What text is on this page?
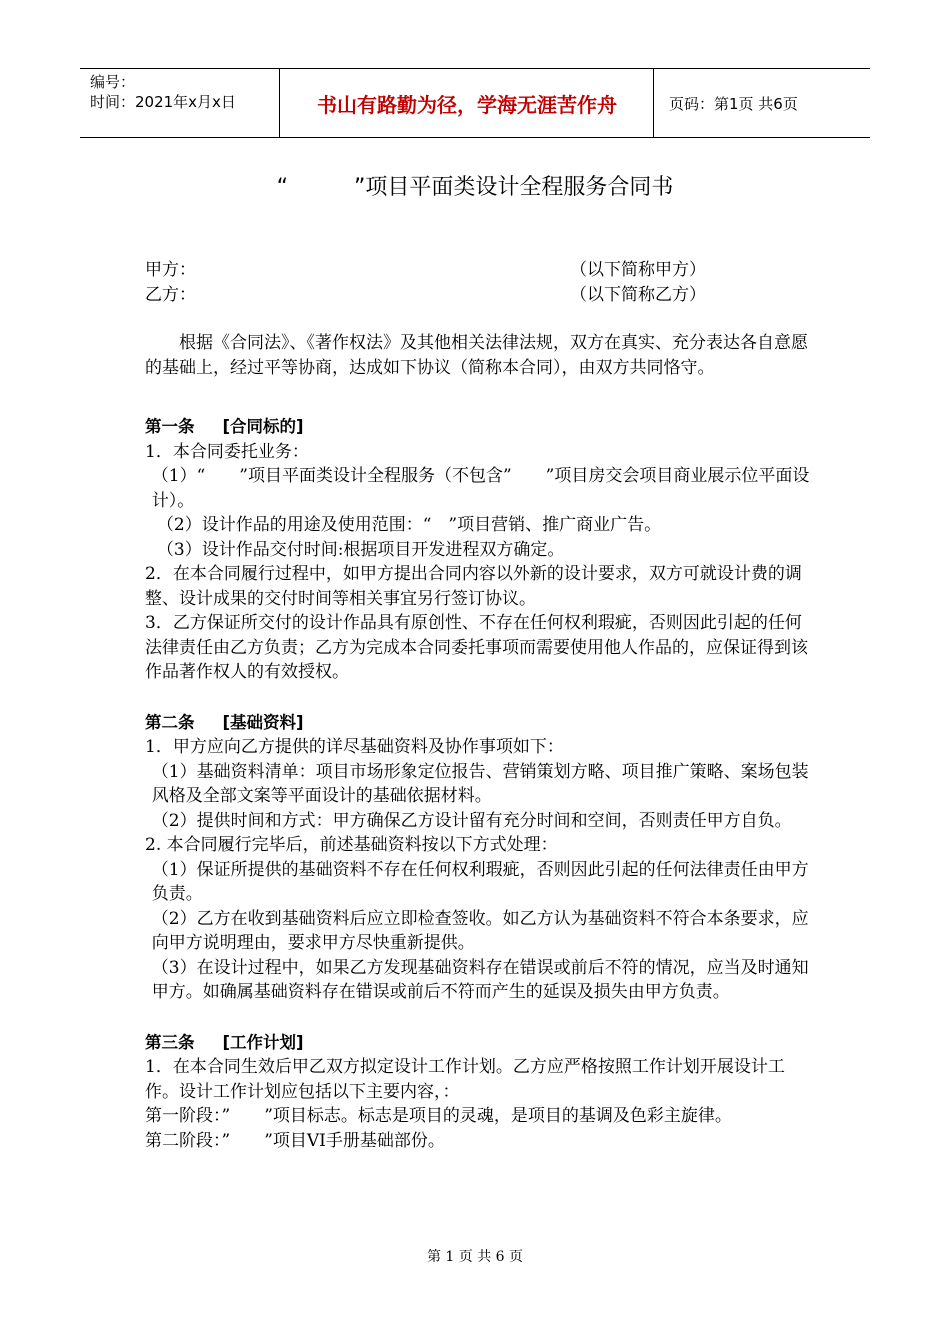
编号：
时间：2021年x月x日	书山有路勤为径，学海无涯苦作舟	页码：第1页 共6页
“　　　”项目平面类设计全程服务合同书
甲方：	（以下简称甲方）
乙方：	（以下简称乙方）

根据《合同法》、《著作权法》及其他相关法律法规，双方在真实、充分表达各自意愿的基础上，经过平等协商，达成如下协议（简称本合同），由双方共同恪守。

第一条 [合同标的]

1．本合同委托业务：

（1）“　　”项目平面类设计全程服务（不包含”　　”项目房交会项目商业展示位平面设计）。

（2）设计作品的用途及使用范围：“　”项目营销、推广商业广告。

（3）设计作品交付时间:根据项目开发进程双方确定。

2．在本合同履行过程中，如甲方提出合同内容以外新的设计要求，双方可就设计费的调整、设计成果的交付时间等相关事宜另行签订协议。

3．乙方保证所交付的设计作品具有原创性、不存在任何权利瑕疵，否则因此引起的任何法律责任由乙方负责；乙方为完成本合同委托事项而需要使用他人作品的，应保证得到该作品著作权人的有效授权。

第二条 [基础资料]

1．甲方应向乙方提供的详尽基础资料及协作事项如下：

（1）基础资料清单：项目市场形象定位报告、营销策划方略、项目推广策略、案场包装风格及全部文案等平面设计的基础依据材料。

（2）提供时间和方式：甲方确保乙方设计留有充分时间和空间，否则责任甲方自负。

2. 本合同履行完毕后，前述基础资料按以下方式处理：

（1）保证所提供的基础资料不存在任何权利瑕疵，否则因此引起的任何法律责任由甲方负责。

（2）乙方在收到基础资料后应立即检查签收。如乙方认为基础资料不符合本条要求，应向甲方说明理由，要求甲方尽快重新提供。

（3）在设计过程中，如果乙方发现基础资料存在错误或前后不符的情况，应当及时通知甲方。如确属基础资料存在错误或前后不符而产生的延误及损失由甲方负责。

第三条 [工作计划]

1．在本合同生效后甲乙双方拟定设计工作计划。乙方应严格按照工作计划开展设计工作。设计工作计划应包括以下主要内容，：

第一阶段：”　　”项目标志。标志是项目的灵魂，是项目的基调及色彩主旋律。

第二阶段：”　　”项目VI手册基础部份。

第 1 页 共 6 页
